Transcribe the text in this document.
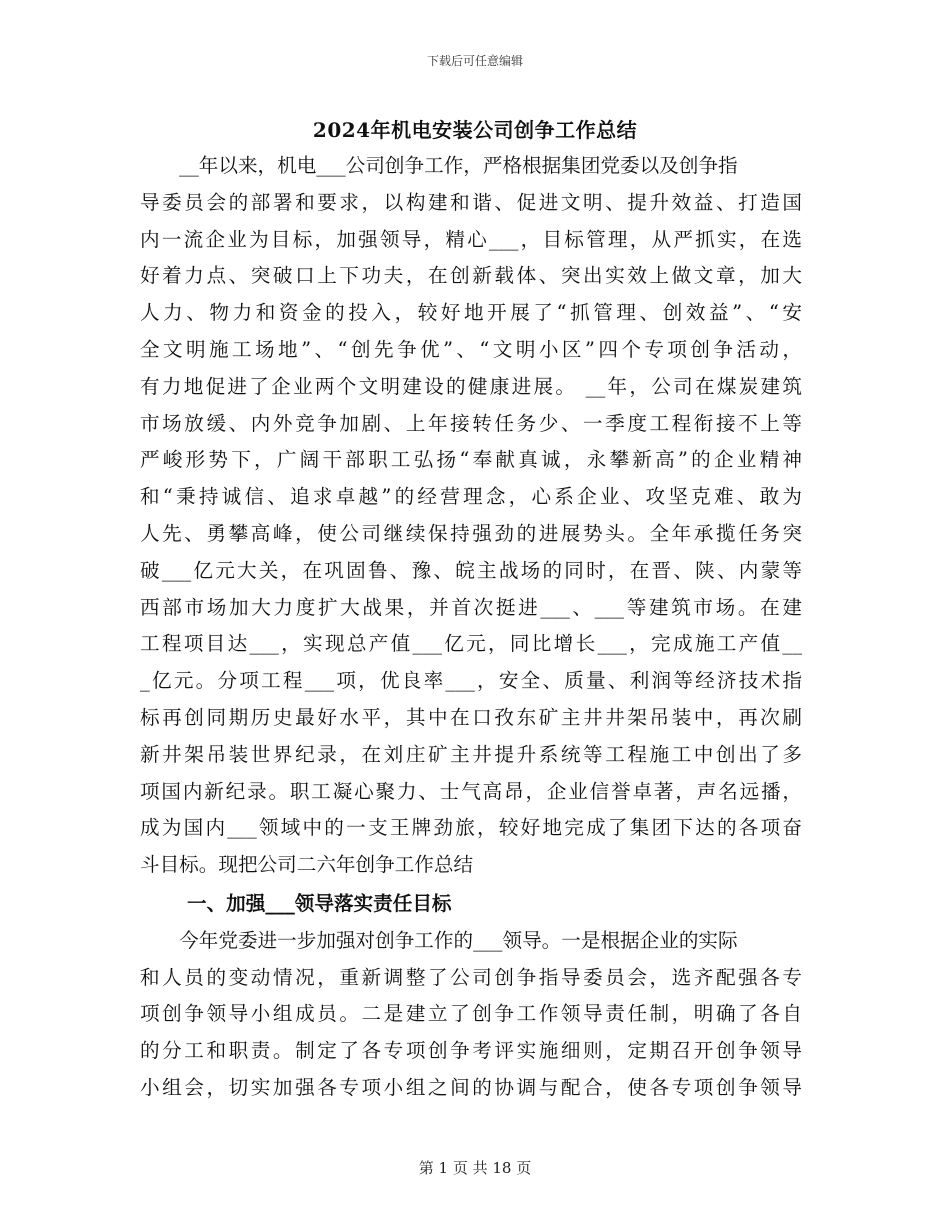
下载后可任意编辑
2024年机电安装公司创争工作总结
　　__年以来，机电___公司创争工作，严格根据集团党委以及创争指
导委员会的部署和要求，以构建和谐、促进文明、提升效益、打造国
内一流企业为目标，加强领导，精心___，目标管理，从严抓实，在选
好着力点、突破口上下功夫，在创新载体、突出实效上做文章，加大
人力、物力和资金的投入，较好地开展了“抓管理、创效益”、“安
全文明施工场地”、“创先争优”、“文明小区”四个专项创争活动，
有力地促进了企业两个文明建设的健康进展。 __年，公司在煤炭建筑
市场放缓、内外竞争加剧、上年接转任务少、一季度工程衔接不上等
严峻形势下，广阔干部职工弘扬“奉献真诚，永攀新高”的企业精神
和“秉持诚信、追求卓越”的经营理念，心系企业、攻坚克难、敢为
人先、勇攀高峰，使公司继续保持强劲的进展势头。全年承揽任务突
破___亿元大关，在巩固鲁、豫、皖主战场的同时，在晋、陕、内蒙等
西部市场加大力度扩大战果，并首次挺进___、___等建筑市场。在建
工程项目达___，实现总产值___亿元，同比增长___，完成施工产值__
_亿元。分项工程___项，优良率___，安全、质量、利润等经济技术指
标再创同期历史最好水平，其中在口孜东矿主井井架吊装中，再次刷
新井架吊装世界纪录，在刘庄矿主井提升系统等工程施工中创出了多
项国内新纪录。职工凝心聚力、士气高昂，企业信誉卓著，声名远播，
成为国内___领域中的一支王牌劲旅，较好地完成了集团下达的各项奋
斗目标。现把公司二六年创争工作总结
一、加强___领导落实责任目标
　　今年党委进一步加强对创争工作的___领导。一是根据企业的实际
和人员的变动情况，重新调整了公司创争指导委员会，选齐配强各专
项创争领导小组成员。二是建立了创争工作领导责任制，明确了各自
的分工和职责。制定了各专项创争考评实施细则，定期召开创争领导
小组会，切实加强各专项小组之间的协调与配合，使各专项创争领导
第 1 页 共 18 页
